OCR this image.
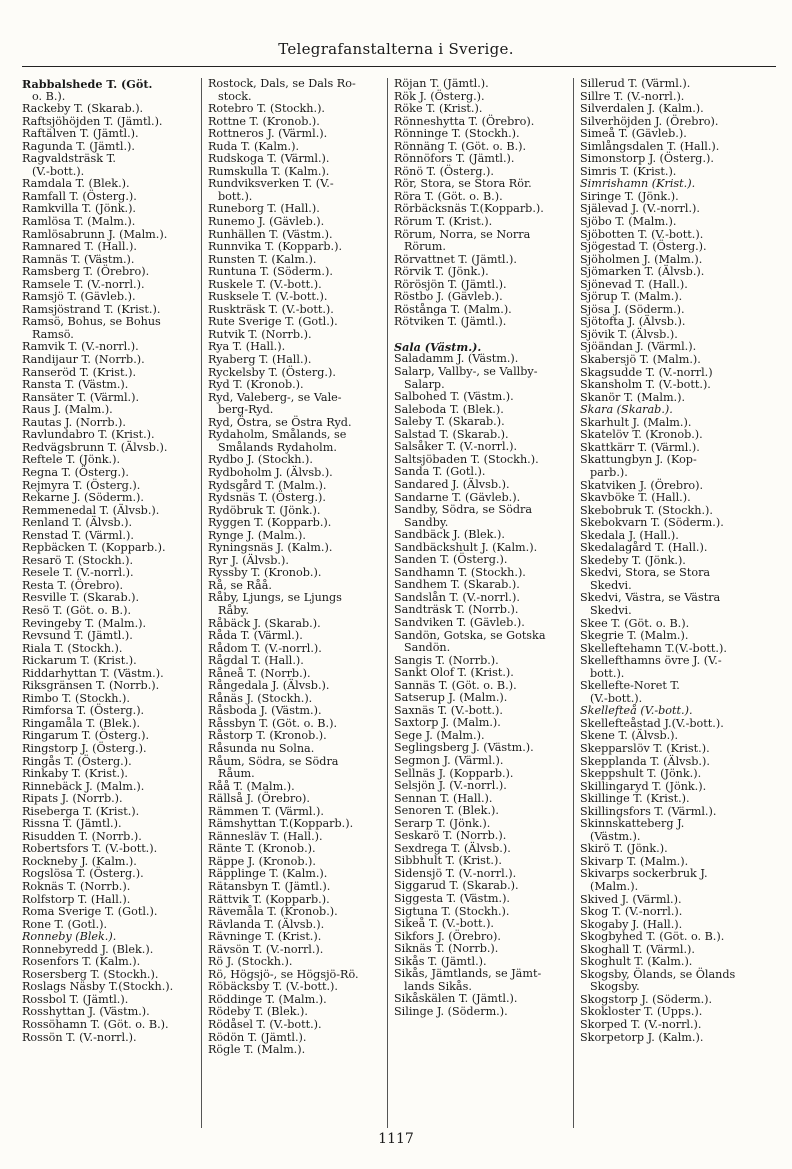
Telegrafanstalterna i Sverige.
Rabbalshede T. (Göt.
o. B.).
Rackeby T. (Skarab.).
Raftsjöhöjden T. (Jämtl.).
Raftälven T. (Jämtl.).
Ragunda T. (Jämtl.).
Ragvaldsträsk T.
(V.-bott.).
Ramdala T. (Blek.).
Ramfall T. (Österg.).
Ramkvilla T. (Jönk.).
Ramlösa T. (Malm.).
Ramlösabrunn J. (Malm.).
Ramnared T. (Hall.).
Ramnäs T. (Västm.).
Ramsberg T. (Örebro).
Ramsele T. (V.-norrl.).
Ramsjö T. (Gävleb.).
Ramsjöstrand T. (Krist.).
Ramsö, Bohus, se Bohus
Ramsö.
Ramvik T. (V.-norrl.).
Randijaur T. (Norrb.).
Ranseröd T. (Krist.).
Ransta T. (Västm.).
Ransäter T. (Värml.).
Raus J. (Malm.).
Rautas J. (Norrb.).
Ravlundabro T. (Krist.).
Redvägsbrunn T. (Älvsb.).
Reftele T. (Jönk.).
Regna T. (Österg.).
Rejmyra T. (Österg.).
Rekarne J. (Söderm.).
Remmenedal T. (Älvsb.).
Renland T. (Älvsb.).
Renstad T. (Värml.).
Repbäcken T. (Kopparb.).
Resarö T. (Stockh.).
Resele T. (V.-norrl.).
Resta T. (Örebro).
Resville T. (Skarab.).
Resö T. (Göt. o. B.).
Revingeby T. (Malm.).
Revsund T. (Jämtl.).
Riala T. (Stockh.).
Rickarum T. (Krist.).
Riddarhyttan T. (Västm.).
Riksgränsen T. (Norrb.).
Rimbo T. (Stockh.).
Rimforsa T. (Österg.).
Ringamåla T. (Blek.).
Ringarum T. (Österg.).
Ringstorp J. (Österg.).
Ringås T. (Österg.).
Rinkaby T. (Krist.).
Rinnebäck J. (Malm.).
Ripats J. (Norrb.).
Riseberga T. (Krist.).
Rissna T. (Jämtl.).
Risudden T. (Norrb.).
Robertsfors T. (V.-bott.).
Rockneby J. (Kalm.).
Rogslösa T. (Österg.).
Roknäs T. (Norrb.).
Rolfstorp T. (Hall.).
Roma Sverige T. (Gotl.).
Rone T. (Gotl.).
Ronneby (Blek.).
Ronnebyredd J. (Blek.).
Rosenfors T. (Kalm.).
Rosersberg T. (Stockh.).
Roslags Näsby T.(Stockh.).
Rossbol T. (Jämtl.).
Rosshyttan J. (Västm.).
Rossöhamn T. (Göt. o. B.).
Rossön T. (V.-norrl.).
Rostock, Dals, se Dals Ro-
stock.
Rotebro T. (Stockh.).
Rottne T. (Kronob.).
Rottneros J. (Värml.).
Ruda T. (Kalm.).
Rudskoga T. (Värml.).
Rumskulla T. (Kalm.).
Rundviksverken T. (V.-
bott.).
Runeborg T. (Hall.).
Runemo J. (Gävleb.).
Runhällen T. (Västm.).
Runnvika T. (Kopparb.).
Runsten T. (Kalm.).
Runtuna T. (Söderm.).
Ruskele T. (V.-bott.).
Rusksele T. (V.-bott.).
Ruskträsk T. (V.-bott.).
Rute Sverige T. (Gotl.).
Rutvik T. (Norrb.).
Rya T. (Hall.).
Ryaberg T. (Hall.).
Ryckelsby T. (Österg.).
Ryd T. (Kronob.).
Ryd, Valeberg-, se Vale-
berg-Ryd.
Ryd, Östra, se Östra Ryd.
Rydaholm, Smålands, se
Smålands Rydaholm.
Rydbo J. (Stockh.).
Rydboholm J. (Älvsb.).
Rydsgård T. (Malm.).
Rydsnäs T. (Österg.).
Rydöbruk T. (Jönk.).
Ryggen T. (Kopparb.).
Rynge J. (Malm.).
Ryningsnäs J. (Kalm.).
Ryr J. (Älvsb.).
Ryssby T. (Kronob.).
Rå, se Råå.
Råby, Ljungs, se Ljungs
Råby.
Råbäck J. (Skarab.).
Råda T. (Värml.).
Rådom T. (V.-norrl.).
Rågdal T. (Hall.).
Råneå T. (Norrb.).
Rångedala J. (Älvsb.).
Rånäs J. (Stockh.).
Råsboda J. (Västm.).
Råssbyn T. (Göt. o. B.).
Råstorp T. (Kronob.).
Råsunda nu Solna.
Råum, Södra, se Södra
Råum.
Råå T. (Malm.).
Rällså J. (Örebro).
Rämmen T. (Värml.).
Rämshyttan T.(Kopparb.).
Rännesläv T. (Hall.).
Ränte T. (Kronob.).
Räppe J. (Kronob.).
Räpplinge T. (Kalm.).
Rätansbyn T. (Jämtl.).
Rättvik T. (Kopparb.).
Rävemåla T. (Kronob.).
Rävlanda T. (Älvsb.).
Rävninge T. (Krist.).
Rävsön T. (V.-norrl.).
Rö J. (Stockh.).
Rö, Högsjö-, se Högsjö-Rö.
Röbäcksby T. (V.-bott.).
Röddinge T. (Malm.).
Rödeby T. (Blek.).
Rödåsel T. (V.-bott.).
Rödön T. (Jämtl.).
Rögle T. (Malm.).
Röjan T. (Jämtl.).
Rök J. (Österg.).
Röke T. (Krist.).
Rönneshytta T. (Örebro).
Rönninge T. (Stockh.).
Rönnäng T. (Göt. o. B.).
Rönnöfors T. (Jämtl.).
Rönö T. (Österg.).
Rör, Stora, se Stora Rör.
Röra T. (Göt. o. B.).
Rörbäcksnäs T.(Kopparb.).
Rörum T. (Krist.).
Rörum, Norra, se Norra
Rörum.
Rörvattnet T. (Jämtl.).
Rörvik T. (Jönk.).
Rörösjön T. (Jämtl.).
Röstbo J. (Gävleb.).
Röstånga T. (Malm.).
Rötviken T. (Jämtl.).
Sala (Västm.).
Saladamm J. (Västm.).
Salarp, Vallby-, se Vallby-
Salarp.
Salbohed T. (Västm.).
Saleboda T. (Blek.).
Saleby T. (Skarab.).
Salstad T. (Skarab.).
Salsåker T. (V.-norrl.).
Saltsjöbaden T. (Stockh.).
Sanda T. (Gotl.).
Sandared J. (Älvsb.).
Sandarne T. (Gävleb.).
Sandby, Södra, se Södra
Sandby.
Sandbäck J. (Blek.).
Sandbäckshult J. (Kalm.).
Sanden T. (Österg.).
Sandhamn T. (Stockh.).
Sandhem T. (Skarab.).
Sandslån T. (V.-norrl.).
Sandträsk T. (Norrb.).
Sandviken T. (Gävleb.).
Sandön, Gotska, se Gotska
Sandön.
Sangis T. (Norrb.).
Sankt Olof T. (Krist.).
Sannäs T. (Göt. o. B.).
Satserup J. (Malm.).
Saxnäs T. (V.-bott.).
Saxtorp J. (Malm.).
Sege J. (Malm.).
Seglingsberg J. (Västm.).
Segmon J. (Värml.).
Sellnäs J. (Kopparb.).
Selsjön J. (V.-norrl.).
Sennan T. (Hall.).
Senoren T. (Blek.).
Serarp T. (Jönk.).
Seskarö T. (Norrb.).
Sexdrega T. (Älvsb.).
Sibbhult T. (Krist.).
Sidensjö T. (V.-norrl.).
Siggarud T. (Skarab.).
Siggesta T. (Västm.).
Sigtuna T. (Stockh.).
Sikeå T. (V.-bott.).
Sikfors J. (Örebro).
Siknäs T. (Norrb.).
Sikås T. (Jämtl.).
Sikås, Jämtlands, se Jämt-
lands Sikås.
Sikåskälen T. (Jämtl.).
Silinge J. (Söderm.).
Sillerud T. (Värml.).
Sillre T. (V.-norrl.).
Silverdalen J. (Kalm.).
Silverhöjden J. (Örebro).
Simeå T. (Gävleb.).
Simlångsdalen T. (Hall.).
Simonstorp J. (Österg.).
Simris T. (Krist.).
Simrishamn (Krist.).
Siringe T. (Jönk.).
Själevad J. (V.-norrl.).
Sjöbo T. (Malm.).
Sjöbotten T. (V.-bott.).
Sjögestad T. (Österg.).
Sjöholmen J. (Malm.).
Sjömarken T. (Älvsb.).
Sjönevad T. (Hall.).
Sjörup T. (Malm.).
Sjösa J. (Söderm.).
Sjötofta J. (Älvsb.).
Sjövik T. (Älvsb.).
Sjöändan J. (Värml.).
Skabersjö T. (Malm.).
Skagsudde T. (V.-norrl.)
Skansholm T. (V.-bott.).
Skanör T. (Malm.).
Skara (Skarab.).
Skarhult J. (Malm.).
Skatelöv T. (Kronob.).
Skattkärr T. (Värml.).
Skattungbyn J. (Kop-
parb.).
Skatviken J. (Örebro).
Skavböke T. (Hall.).
Skebobruk T. (Stockh.).
Skebokvarn T. (Söderm.).
Skedala J. (Hall.).
Skedalagård T. (Hall.).
Skedeby T. (Jönk.).
Skedvi, Stora, se Stora
Skedvi.
Skedvi, Västra, se Västra
Skedvi.
Skee T. (Göt. o. B.).
Skegrie T. (Malm.).
Skelleftehamn T.(V.-bott.).
Skellefthamns övre J. (V.-
bott.).
Skellefte-Noret T.
(V.-bott.).
Skellefteå (V.-bott.).
Skellefteåstad J.(V.-bott.).
Skene T. (Älvsb.).
Skepparslöv T. (Krist.).
Skepplanda T. (Älvsb.).
Skeppshult T. (Jönk.).
Skillingaryd T. (Jönk.).
Skillinge T. (Krist.).
Skillingsfors T. (Värml.).
Skinnskatteberg J.
(Västm.).
Skirö T. (Jönk.).
Skivarp T. (Malm.).
Skivarps sockerbruk J.
(Malm.).
Skived J. (Värml.).
Skog T. (V.-norrl.).
Skogaby J. (Hall.).
Skogbyhed T. (Göt. o. B.).
Skoghall T. (Värml.).
Skoghult T. (Kalm.).
Skogsby, Ölands, se Ölands
Skogsby.
Skogstorp J. (Söderm.).
Skokloster T. (Upps.).
Skorped T. (V.-norrl.).
Skorpetorp J. (Kalm.).
1117
